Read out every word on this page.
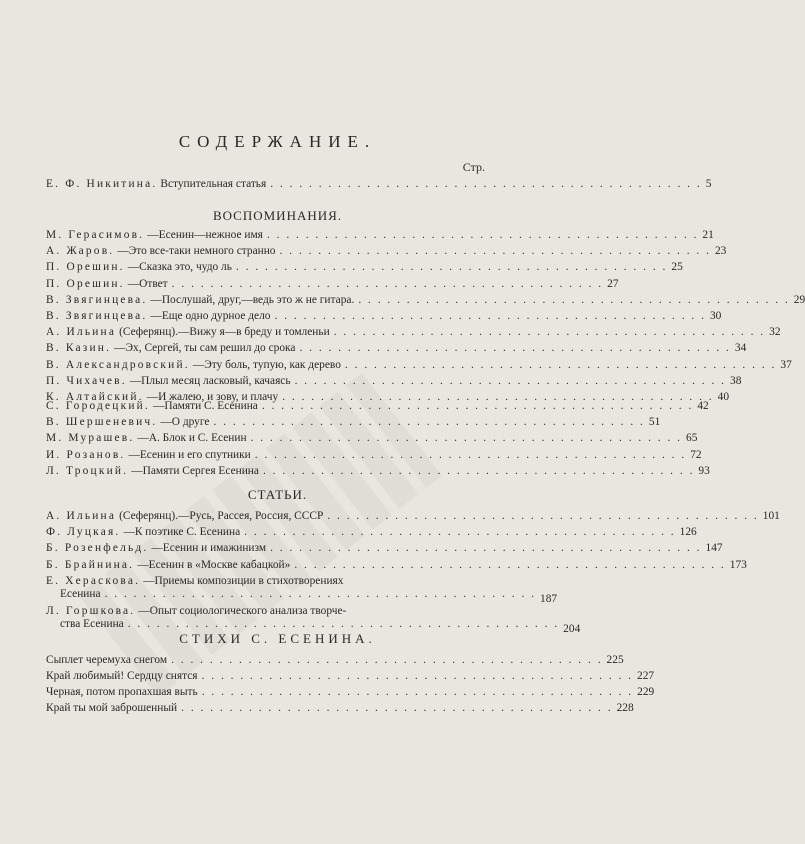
СОДЕРЖАНИЕ.
Стр.
Е. Ф. Никитина. Вступительная статья . . .	5
ВОСПОМИНАНИЯ.
М. Герасимов. —Есенин—нежное имя . . .	21
А. Жаров. —Это все-таки немного странно . . .	23
П. Орешин. —Сказка это, чудо ль . . .	25
П. Орешин. —Ответ . . .	27
В. Звягинцева. —Послушай, друг,—ведь это ж не гитара. . . .	29
В. Звягинцева. —Еще одно дурное дело . . .	30
А. Ильина (Сеферянц).—Вижу я—в бреду и томленьи . . .	32
В. Казин. —Эх, Сергей, ты сам решил до срока . . .	34
В. Александровский. —Эту боль, тупую, как дерево . . .	37
П. Чихачев. —Плыл месяц ласковый, качаясь . . .	38
К. Алтайский. —И жалею, и зову, и плачу . . .	40
С. Городецкий. —Памяти С. Есенина . . .	42
В. Шершеневич. —О друге . . .	51
М. Мурашев. —А. Блок и С. Есенин . . .	65
И. Розанов. —Есенин и его спутники . . .	72
Л. Троцкий. —Памяти Сергея Есенина . . .	93
СТАТЬИ.
А. Ильина (Сеферянц).—Русь, Рассея, Россия, СССР . . .	101
Ф. Луцкая. —К поэтике С. Есенина . . .	126
Б. Розенфельд. —Есенин и имажинизм . . .	147
Б. Брайнина. —Есенин в «Москве кабацкой» . . .	173
Е. Хераскова. —Приемы композиции в стихотворениях
Есенина . . .	187
Л. Горшкова. —Опыт социологического анализа творче-
ства Есенина . . .	204
СТИХИ С. ЕСЕНИНА.
Сыплет черемуха снегом . . .	225
Край любимый! Сердцу снятся . . .	227
Черная, потом пропахшая выть . . .	229
Край ты мой заброшенный . . .	228
